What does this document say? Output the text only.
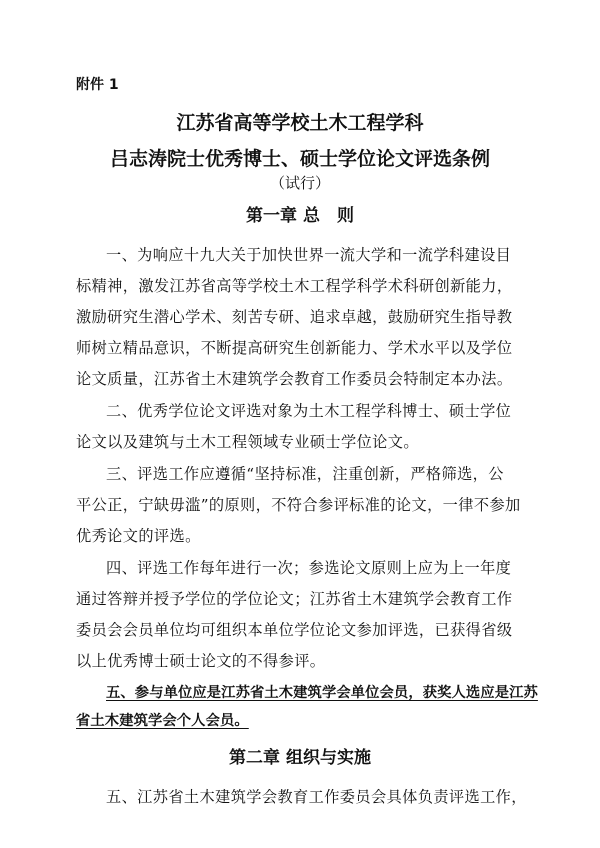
附件 1
江苏省高等学校土木工程学科
吕志涛院士优秀博士、硕士学位论文评选条例
（试行）
第一章 总　则
一、为响应十九大关于加快世界一流大学和一流学科建设目
标精神，激发江苏省高等学校土木工程学科学术科研创新能力，
激励研究生潜心学术、刻苦专研、追求卓越，鼓励研究生指导教
师树立精品意识，不断提高研究生创新能力、学术水平以及学位
论文质量，江苏省土木建筑学会教育工作委员会特制定本办法。
二、优秀学位论文评选对象为土木工程学科博士、硕士学位
论文以及建筑与土木工程领域专业硕士学位论文。
三、评选工作应遵循“坚持标准，注重创新，严格筛选，公
平公正，宁缺毋滥”的原则，不符合参评标准的论文，一律不参加
优秀论文的评选。
四、评选工作每年进行一次；参选论文原则上应为上一年度
通过答辩并授予学位的学位论文；江苏省土木建筑学会教育工作
委员会会员单位均可组织本单位学位论文参加评选，已获得省级
以上优秀博士硕士论文的不得参评。
五、参与单位应是江苏省土木建筑学会单位会员，获奖人选应是江苏
省土木建筑学会个人会员。
第二章 组织与实施
五、江苏省土木建筑学会教育工作委员会具体负责评选工作，
